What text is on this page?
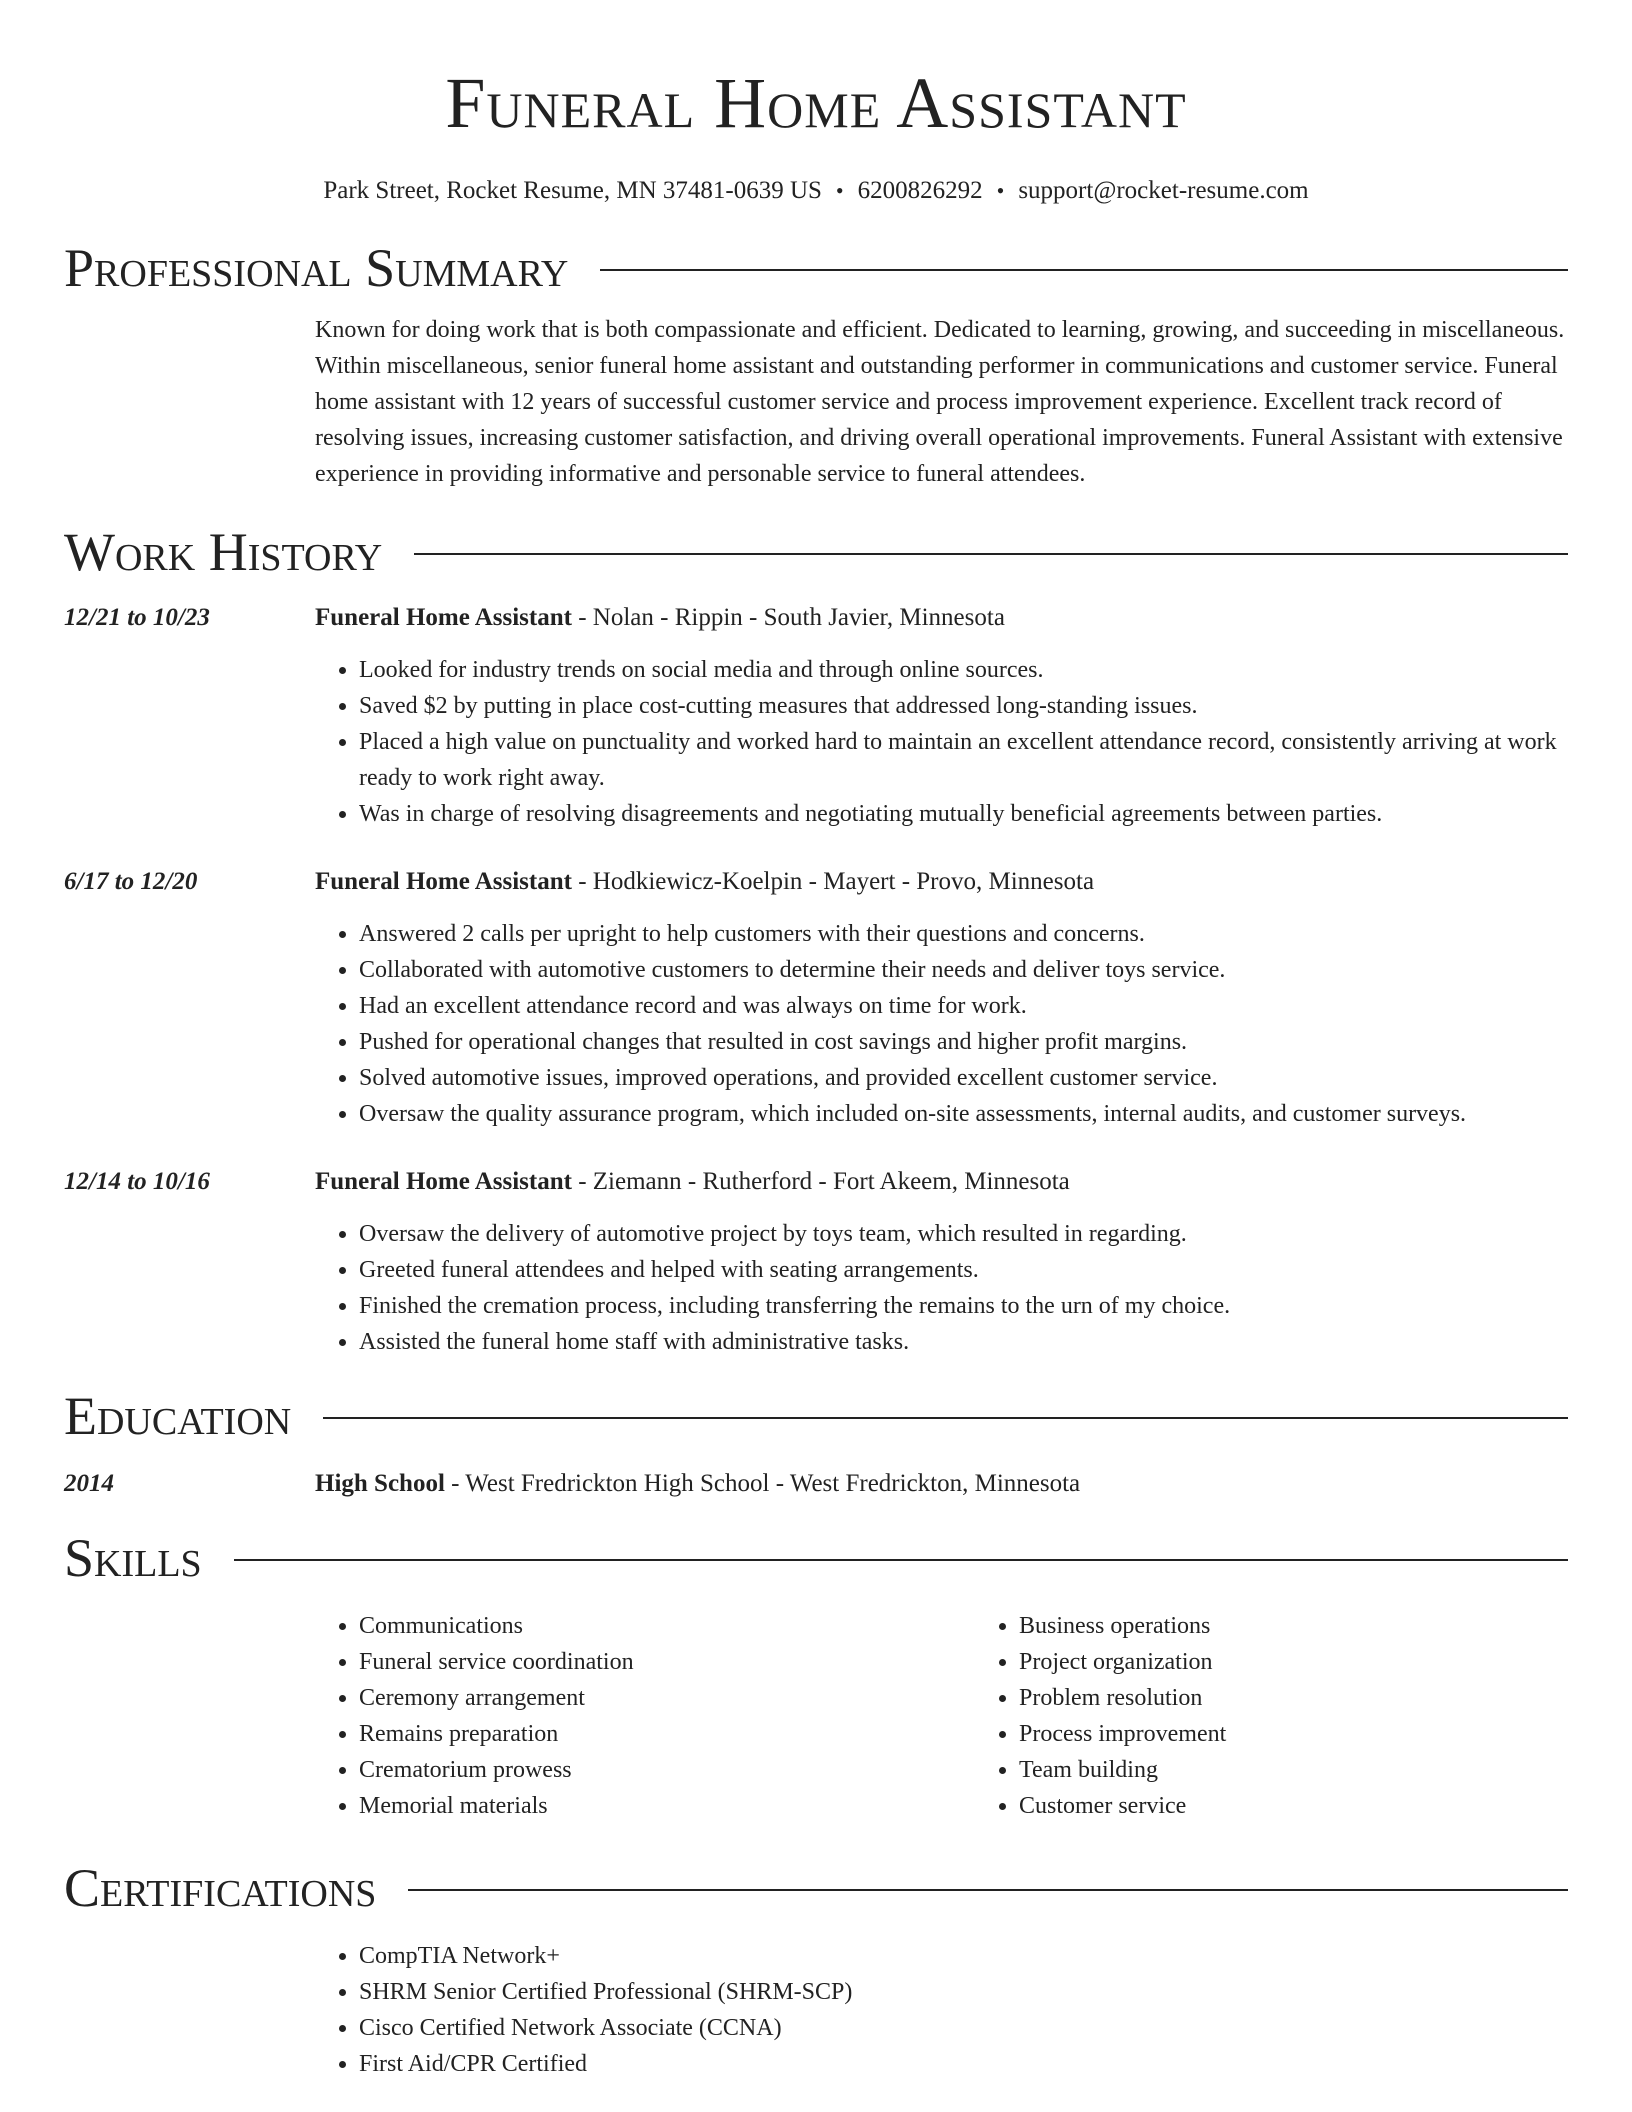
Funeral Home Assistant
Park Street, Rocket Resume, MN 37481-0639 US • 6200826292 • support@rocket-resume.com
Professional Summary
Known for doing work that is both compassionate and efficient. Dedicated to learning, growing, and succeeding in miscellaneous. Within miscellaneous, senior funeral home assistant and outstanding performer in communications and customer service. Funeral home assistant with 12 years of successful customer service and process improvement experience. Excellent track record of resolving issues, increasing customer satisfaction, and driving overall operational improvements. Funeral Assistant with extensive experience in providing informative and personable service to funeral attendees.
Work History
12/21 to 10/23	Funeral Home Assistant - Nolan - Rippin - South Javier, Minnesota
• Looked for industry trends on social media and through online sources.
• Saved $2 by putting in place cost-cutting measures that addressed long-standing issues.
• Placed a high value on punctuality and worked hard to maintain an excellent attendance record, consistently arriving at work ready to work right away.
• Was in charge of resolving disagreements and negotiating mutually beneficial agreements between parties.
6/17 to 12/20	Funeral Home Assistant - Hodkiewicz-Koelpin - Mayert - Provo, Minnesota
• Answered 2 calls per upright to help customers with their questions and concerns.
• Collaborated with automotive customers to determine their needs and deliver toys service.
• Had an excellent attendance record and was always on time for work.
• Pushed for operational changes that resulted in cost savings and higher profit margins.
• Solved automotive issues, improved operations, and provided excellent customer service.
• Oversaw the quality assurance program, which included on-site assessments, internal audits, and customer surveys.
12/14 to 10/16	Funeral Home Assistant - Ziemann - Rutherford - Fort Akeem, Minnesota
• Oversaw the delivery of automotive project by toys team, which resulted in regarding.
• Greeted funeral attendees and helped with seating arrangements.
• Finished the cremation process, including transferring the remains to the urn of my choice.
• Assisted the funeral home staff with administrative tasks.
Education
2014	High School - West Fredrickton High School - West Fredrickton, Minnesota
Skills
• Communications
• Funeral service coordination
• Ceremony arrangement
• Remains preparation
• Crematorium prowess
• Memorial materials
• Business operations
• Project organization
• Problem resolution
• Process improvement
• Team building
• Customer service
Certifications
• CompTIA Network+
• SHRM Senior Certified Professional (SHRM-SCP)
• Cisco Certified Network Associate (CCNA)
• First Aid/CPR Certified
